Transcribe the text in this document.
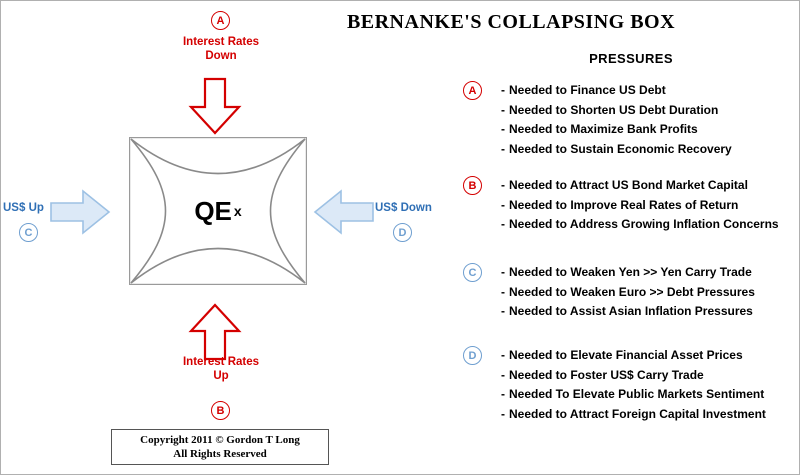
BERNANKE'S COLLAPSING BOX
QE x
Interest Rates
Down
Interest Rates
Up
US$ Up	US$ Down
A
B
C	D
Copyright 2011 © Gordon T Long
All Rights Reserved
PRESSURES
A	- Needed to Finance US Debt
- Needed to Shorten US Debt Duration
- Needed to Maximize Bank Profits
- Needed to Sustain Economic Recovery
B	- Needed to Attract US Bond Market Capital
- Needed to Improve Real Rates of Return
- Needed to Address Growing Inflation Concerns
C	- Needed to Weaken Yen >> Yen Carry Trade
- Needed to Weaken Euro >> Debt Pressures
- Needed to Assist Asian Inflation Pressures
D	- Needed to Elevate Financial Asset Prices
- Needed to Foster US$ Carry Trade
- Needed To Elevate Public Markets Sentiment
- Needed to Attract Foreign Capital Investment
